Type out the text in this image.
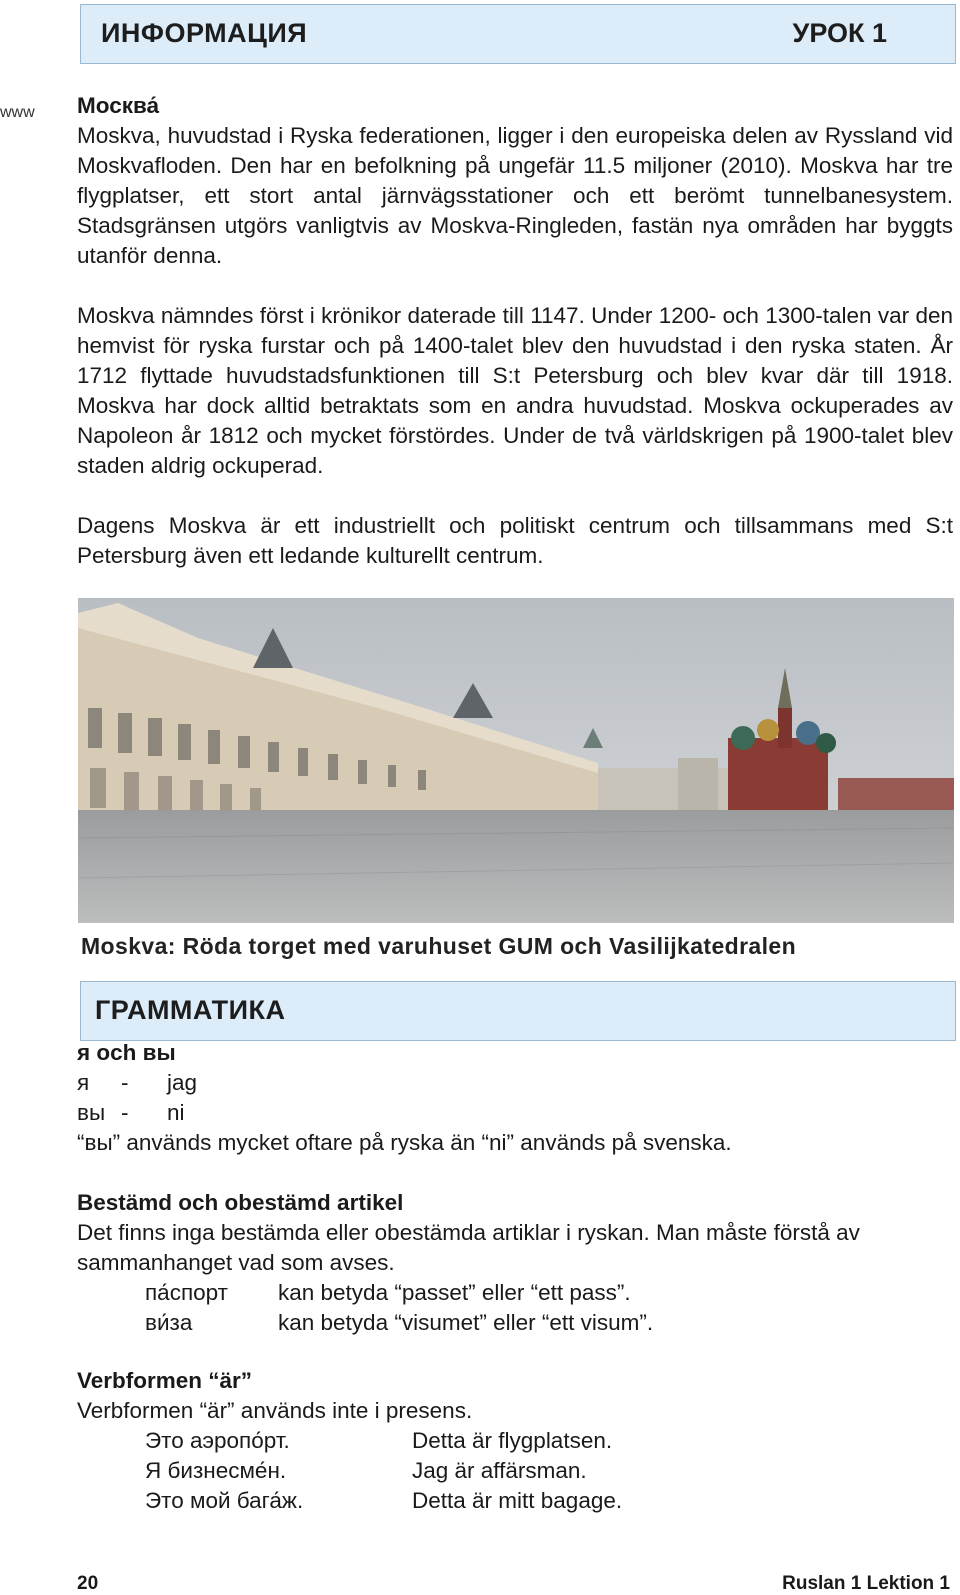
ИНФОРМАЦИЯ	УРОК 1
www Москва́
Moskva, huvudstad i Ryska federationen, ligger i den europeiska delen av Ryssland vid Moskvafloden. Den har en befolkning på ungefär 11.5 miljoner (2010). Moskva har tre flygplatser, ett stort antal järnvägsstationer och ett berömt tunnelbanesystem. Stadsgränsen utgörs vanligtvis av Moskva-Ringleden, fastän nya områden har byggts utanför denna.
Moskva nämndes först i krönikor daterade till 1147. Under 1200- och 1300-talen var den hemvist för ryska furstar och på 1400-talet blev den huvudstad i den ryska staten. År 1712 flyttade huvudstadsfunktionen till S:t Petersburg och blev kvar där till 1918. Moskva har dock alltid betraktats som en andra huvudstad. Moskva ockuperades av Napoleon år 1812 och mycket förstördes. Under de två världskrigen på 1900-talet blev staden aldrig ockuperad.
Dagens Moskva är ett industriellt och politiskt centrum och tillsammans med S:t Petersburg även ett ledande kulturellt centrum.
Moskva: Röda torget med varuhuset GUM och Vasilijkatedralen
ГРАММАТИКА
я och вы
я - jag
вы - ni
“вы” används mycket oftare på ryska än “ni” används på svenska.
Bestämd och obestämd artikel
Det finns inga bestämda eller obestämda artiklar i ryskan. Man måste förstå av sammanhanget vad som avses.
па́спорт kan betyda “passet” eller “ett pass”.
ви́за	kan betyda “visumet” eller “ett visum”.
Verbformen “är”
Verbformen “är” används inte i presens.
Это аэропо́рт.	Detta är flygplatsen.
Я бизнесме́н.	Jag är affärsman.
Это мой бага́ж.	Detta är mitt bagage.
20	Ruslan 1 Lektion 1
